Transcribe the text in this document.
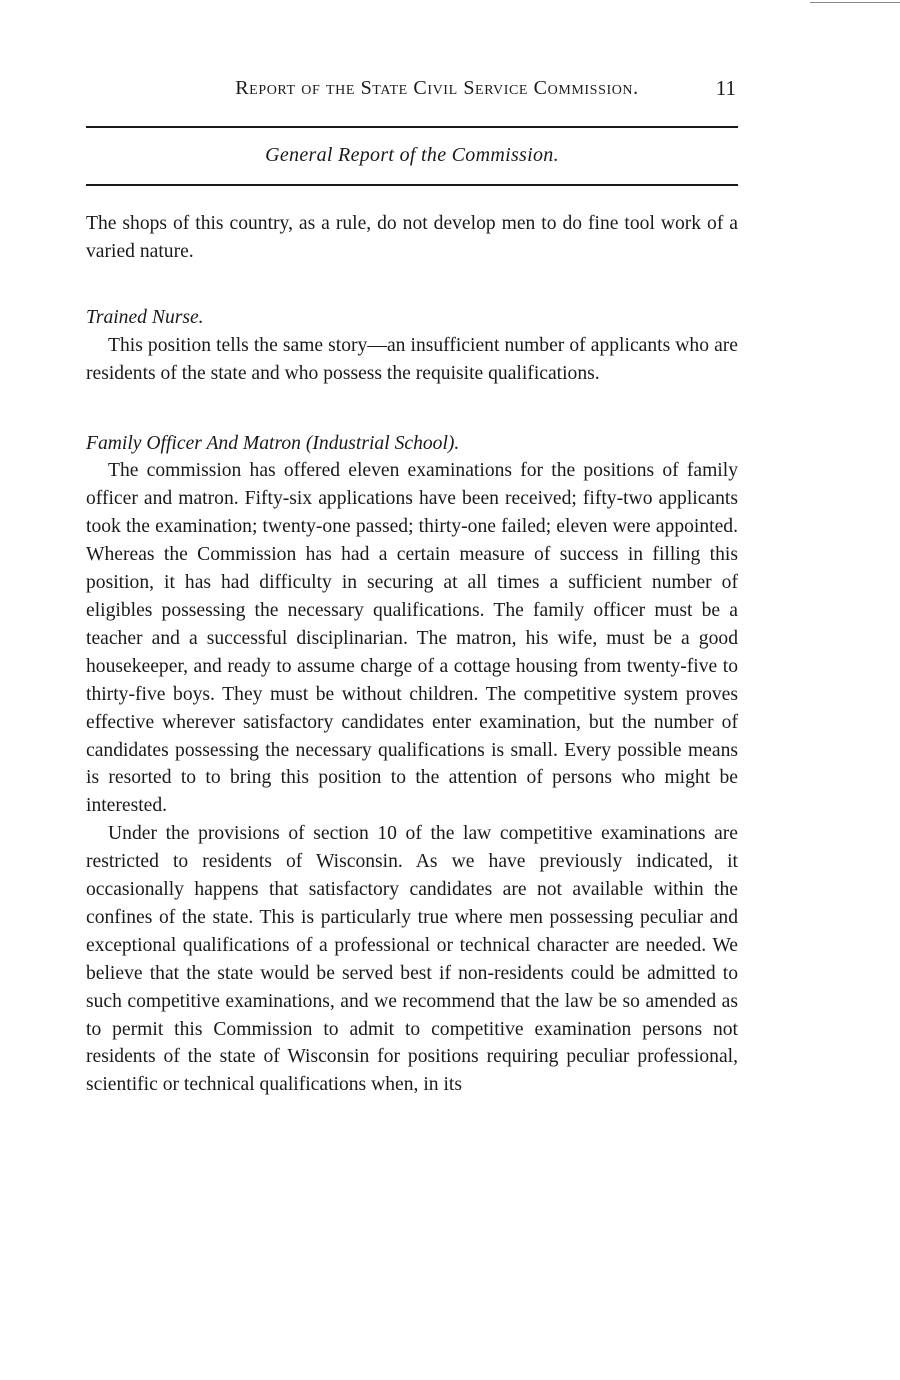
Report of the State Civil Service Commission.	11
General Report of the Commission.

The shops of this country, as a rule, do not develop men to do fine tool work of a varied nature.

Trained Nurse.

This position tells the same story—an insufficient number of applicants who are residents of the state and who possess the requisite qualifications.

Family Officer And Matron (Industrial School).

The commission has offered eleven examinations for the positions of family officer and matron. Fifty-six applications have been received; fifty-two applicants took the examination; twenty-one passed; thirty-one failed; eleven were appointed. Whereas the Commission has had a certain measure of success in filling this position, it has had difficulty in securing at all times a sufficient number of eligibles possessing the necessary qualifications. The family officer must be a teacher and a successful disciplinarian. The matron, his wife, must be a good housekeeper, and ready to assume charge of a cottage housing from twenty-five to thirty-five boys. They must be without children. The competitive system proves effective wherever satisfactory candidates enter examination, but the number of candidates possessing the necessary qualifications is small. Every possible means is resorted to to bring this position to the attention of persons who might be interested.

Under the provisions of section 10 of the law competitive examinations are restricted to residents of Wisconsin. As we have previously indicated, it occasionally happens that satisfactory candidates are not available within the confines of the state. This is particularly true where men possessing peculiar and exceptional qualifications of a professional or technical character are needed. We believe that the state would be served best if non-residents could be admitted to such competitive examinations, and we recommend that the law be so amended as to permit this Commission to admit to competitive examination persons not residents of the state of Wisconsin for positions requiring peculiar professional, scientific or technical qualifications when, in its
